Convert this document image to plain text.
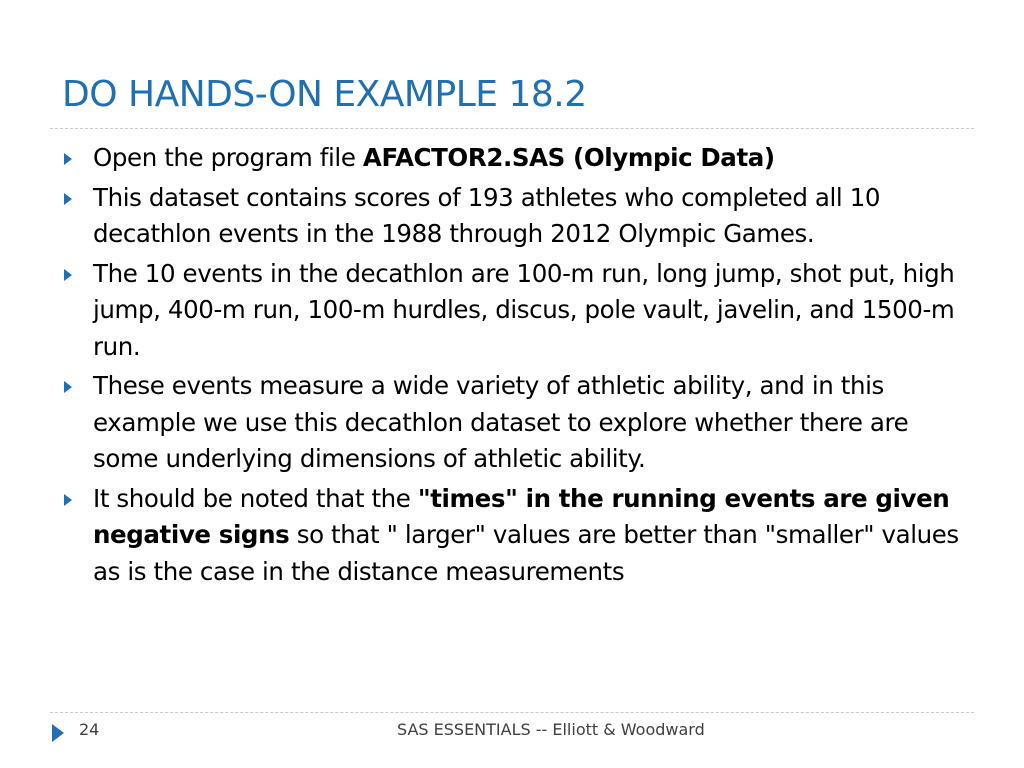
DO HANDS-ON EXAMPLE 18.2
Open the program file AFACTOR2.SAS (Olympic Data)
This dataset contains scores of 193 athletes who completed all 10 decathlon events in the 1988 through 2012 Olympic Games.
The 10 events in the decathlon are 100-m run, long jump, shot put, high jump, 400-m run, 100-m hurdles, discus, pole vault, javelin, and 1500-m run.
These events measure a wide variety of athletic ability, and in this example we use this decathlon dataset to explore whether there are some underlying dimensions of athletic ability.
It should be noted that the "times" in the running events are given negative signs so that " larger" values are better than "smaller" values as is the case in the distance measurements
24	SAS ESSENTIALS -- Elliott & Woodward
